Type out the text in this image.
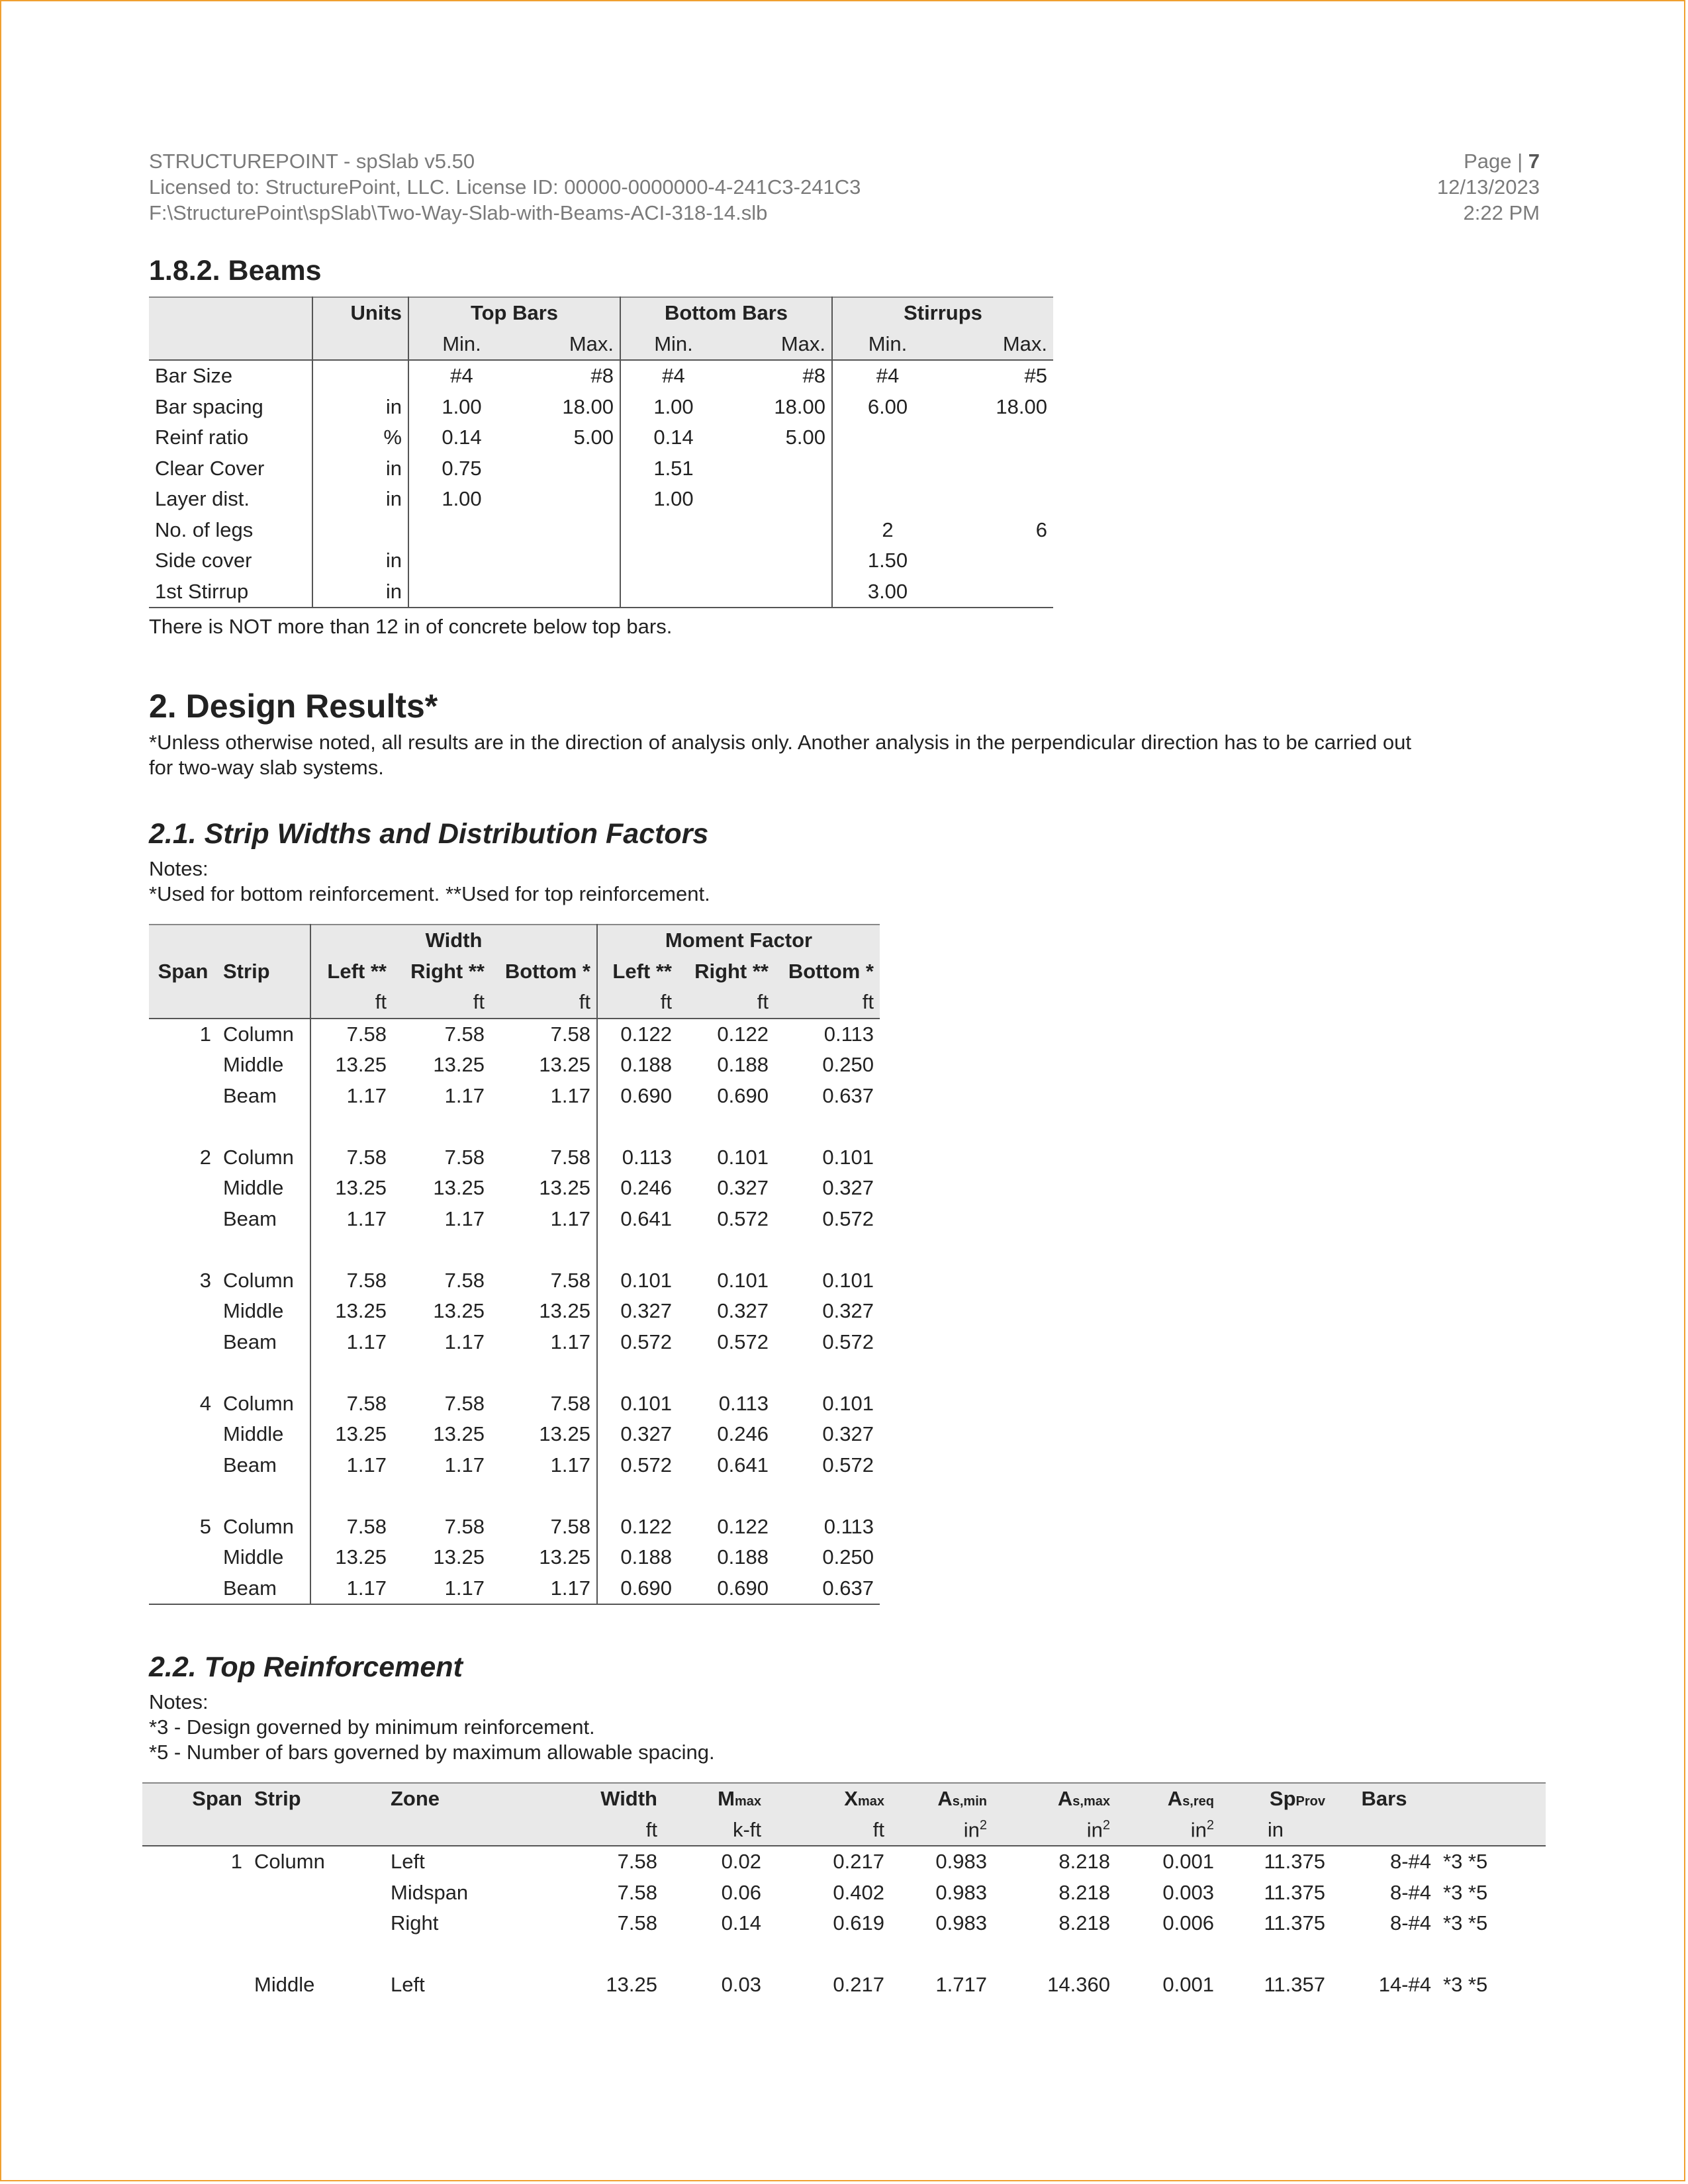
STRUCTUREPOINT - spSlab v5.50
Licensed to: StructurePoint, LLC. License ID: 00000-0000000-4-241C3-241C3
F:\StructurePoint\spSlab\Two-Way-Slab-with-Beams-ACI-318-14.slb
Page | 7
12/13/2023
2:22 PM
1.8.2. Beams
	Units	Top Bars		Bottom Bars		Stirrups	
		Min.	Max.	Min.	Max.	Min.	Max.
Bar Size		#4	#8	#4	#8	#4	#5
Bar spacing	in	1.00	18.00	1.00	18.00	6.00	18.00
Reinf ratio	%	0.14	5.00	0.14	5.00		
Clear Cover	in	0.75		1.51			
Layer dist.	in	1.00		1.00			
No. of legs						2	6
Side cover	in					1.50	
1st Stirrup	in					3.00	
There is NOT more than 12 in of concrete below top bars.
2. Design Results*
*Unless otherwise noted, all results are in the direction of analysis only. Another analysis in the perpendicular direction has to be carried out
for two-way slab systems.
2.1. Strip Widths and Distribution Factors
Notes:
*Used for bottom reinforcement. **Used for top reinforcement.
		Width			Moment Factor		
Span	Strip	Left **	Right **	Bottom *	Left **	Right **	Bottom *
		ft	ft	ft	ft	ft	ft
1	Column	7.58	7.58	7.58	0.122	0.122	0.113
	Middle	13.25	13.25	13.25	0.188	0.188	0.250
	Beam	1.17	1.17	1.17	0.690	0.690	0.637

2	Column	7.58	7.58	7.58	0.113	0.101	0.101
	Middle	13.25	13.25	13.25	0.246	0.327	0.327
	Beam	1.17	1.17	1.17	0.641	0.572	0.572

3	Column	7.58	7.58	7.58	0.101	0.101	0.101
	Middle	13.25	13.25	13.25	0.327	0.327	0.327
	Beam	1.17	1.17	1.17	0.572	0.572	0.572

4	Column	7.58	7.58	7.58	0.101	0.113	0.101
	Middle	13.25	13.25	13.25	0.327	0.246	0.327
	Beam	1.17	1.17	1.17	0.572	0.641	0.572

5	Column	7.58	7.58	7.58	0.122	0.122	0.113
	Middle	13.25	13.25	13.25	0.188	0.188	0.250
	Beam	1.17	1.17	1.17	0.690	0.690	0.637
2.2. Top Reinforcement
Notes:
*3 - Design governed by minimum reinforcement.
*5 - Number of bars governed by maximum allowable spacing.
Span	Strip	Zone	Width	Mmax	Xmax	As,min	As,max	As,req	SpProv	Bars	
			ft	k-ft	ft	$in^2$	$in^2$	$in^2$	in		
1	Column	Left	7.58	0.02	0.217	0.983	8.218	0.001	11.375	8-#4	*3 *5
		Midspan	7.58	0.06	0.402	0.983	8.218	0.003	11.375	8-#4	*3 *5
		Right	7.58	0.14	0.619	0.983	8.218	0.006	11.375	8-#4	*3 *5

	Middle	Left	13.25	0.03	0.217	1.717	14.360	0.001	11.357	14-#4	*3 *5
